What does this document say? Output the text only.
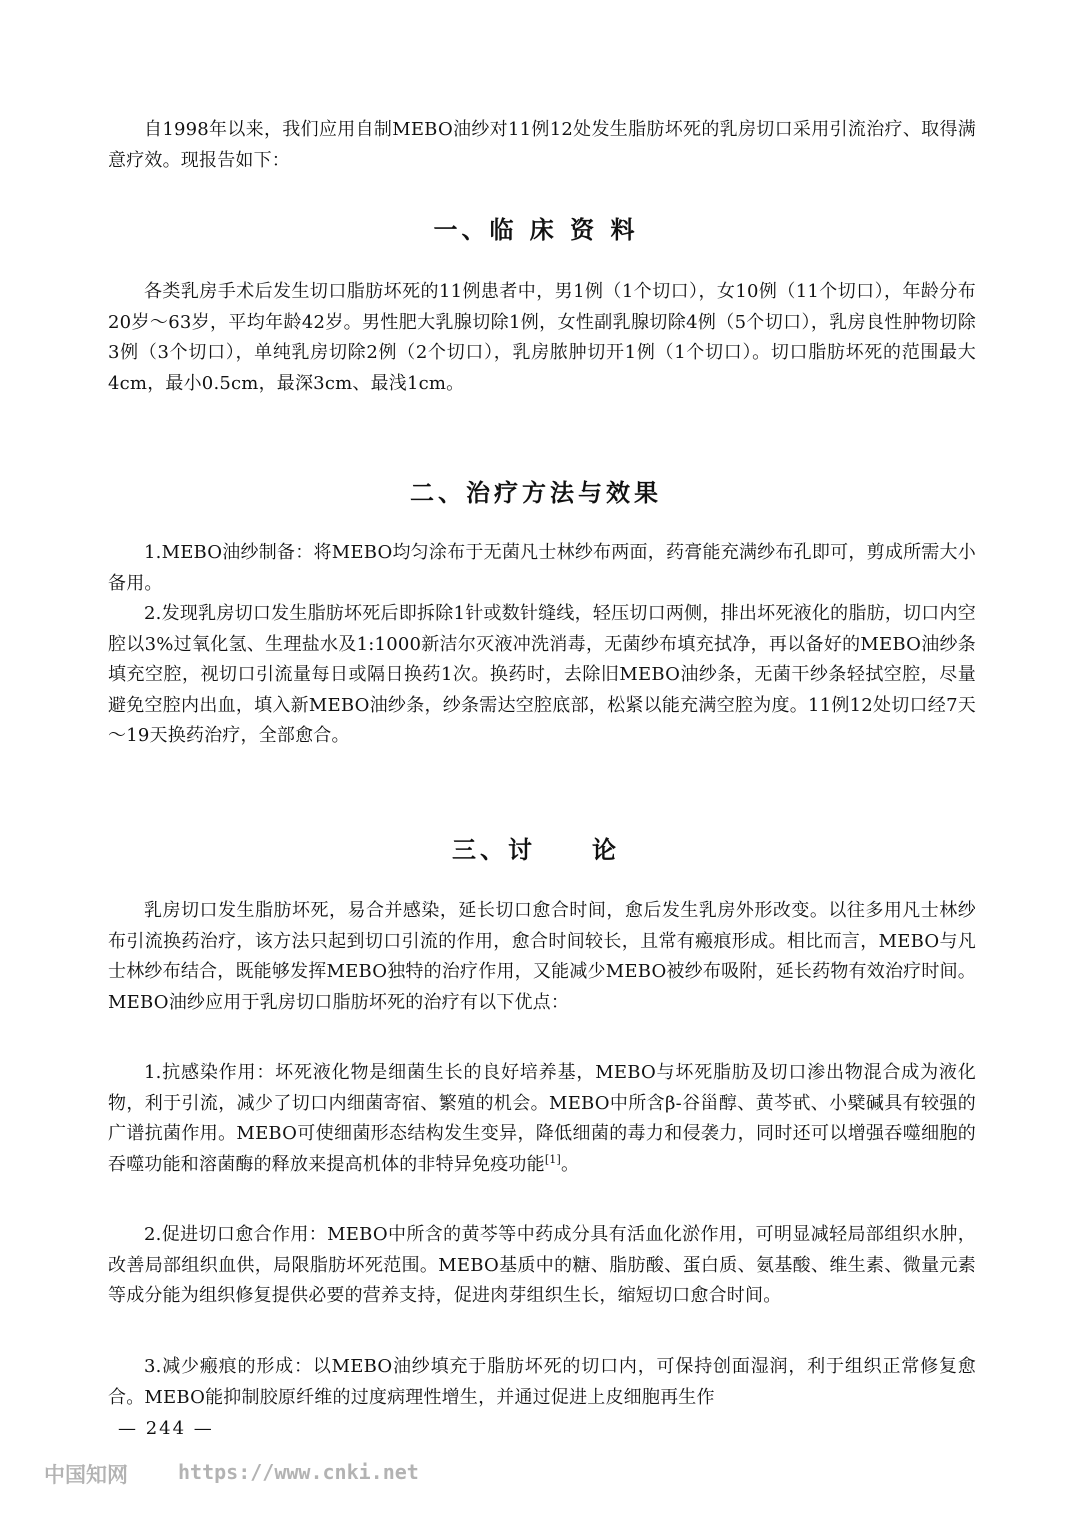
自1998年以来，我们应用自制MEBO油纱对11例12处发生脂肪坏死的乳房切口采用引流治疗、取得满意疗效。现报告如下：

一、临 床 资 料

各类乳房手术后发生切口脂肪坏死的11例患者中，男1例（1个切口），女10例（11个切口），年龄分布20岁～63岁，平均年龄42岁。男性肥大乳腺切除1例，女性副乳腺切除4例（5个切口），乳房良性肿物切除3例（3个切口），单纯乳房切除2例（2个切口），乳房脓肿切开1例（1个切口）。切口脂肪坏死的范围最大4cm，最小0.5cm，最深3cm、最浅1cm。

二、治疗方法与效果

1.MEBO油纱制备：将MEBO均匀涂布于无菌凡士林纱布两面，药膏能充满纱布孔即可，剪成所需大小备用。

2.发现乳房切口发生脂肪坏死后即拆除1针或数针缝线，轻压切口两侧，排出坏死液化的脂肪，切口内空腔以3%过氧化氢、生理盐水及1:1000新洁尔灭液冲洗消毒，无菌纱布填充拭净，再以备好的MEBO油纱条填充空腔，视切口引流量每日或隔日换药1次。换药时，去除旧MEBO油纱条，无菌干纱条轻拭空腔，尽量避免空腔内出血，填入新MEBO油纱条，纱条需达空腔底部，松紧以能充满空腔为度。11例12处切口经7天～19天换药治疗，全部愈合。

三、讨　　论

乳房切口发生脂肪坏死，易合并感染，延长切口愈合时间，愈后发生乳房外形改变。以往多用凡士林纱布引流换药治疗，该方法只起到切口引流的作用，愈合时间较长，且常有瘢痕形成。相比而言，MEBO与凡士林纱布结合，既能够发挥MEBO独特的治疗作用，又能减少MEBO被纱布吸附，延长药物有效治疗时间。MEBO油纱应用于乳房切口脂肪坏死的治疗有以下优点：

1.抗感染作用：坏死液化物是细菌生长的良好培养基，MEBO与坏死脂肪及切口渗出物混合成为液化物，利于引流，减少了切口内细菌寄宿、繁殖的机会。MEBO中所含β-谷甾醇、黄芩甙、小檗碱具有较强的广谱抗菌作用。MEBO可使细菌形态结构发生变异，降低细菌的毒力和侵袭力，同时还可以增强吞噬细胞的吞噬功能和溶菌酶的释放来提高机体的非特异免疫功能[1]。

2.促进切口愈合作用：MEBO中所含的黄芩等中药成分具有活血化淤作用，可明显减轻局部组织水肿，改善局部组织血供，局限脂肪坏死范围。MEBO基质中的糖、脂肪酸、蛋白质、氨基酸、维生素、微量元素等成分能为组织修复提供必要的营养支持，促进肉芽组织生长，缩短切口愈合时间。

3.减少瘢痕的形成：以MEBO油纱填充于脂肪坏死的切口内，可保持创面湿润，利于组织正常修复愈合。MEBO能抑制胶原纤维的过度病理性增生，并通过促进上皮细胞再生作

— 244 —
中国知网	https://www.cnki.net
